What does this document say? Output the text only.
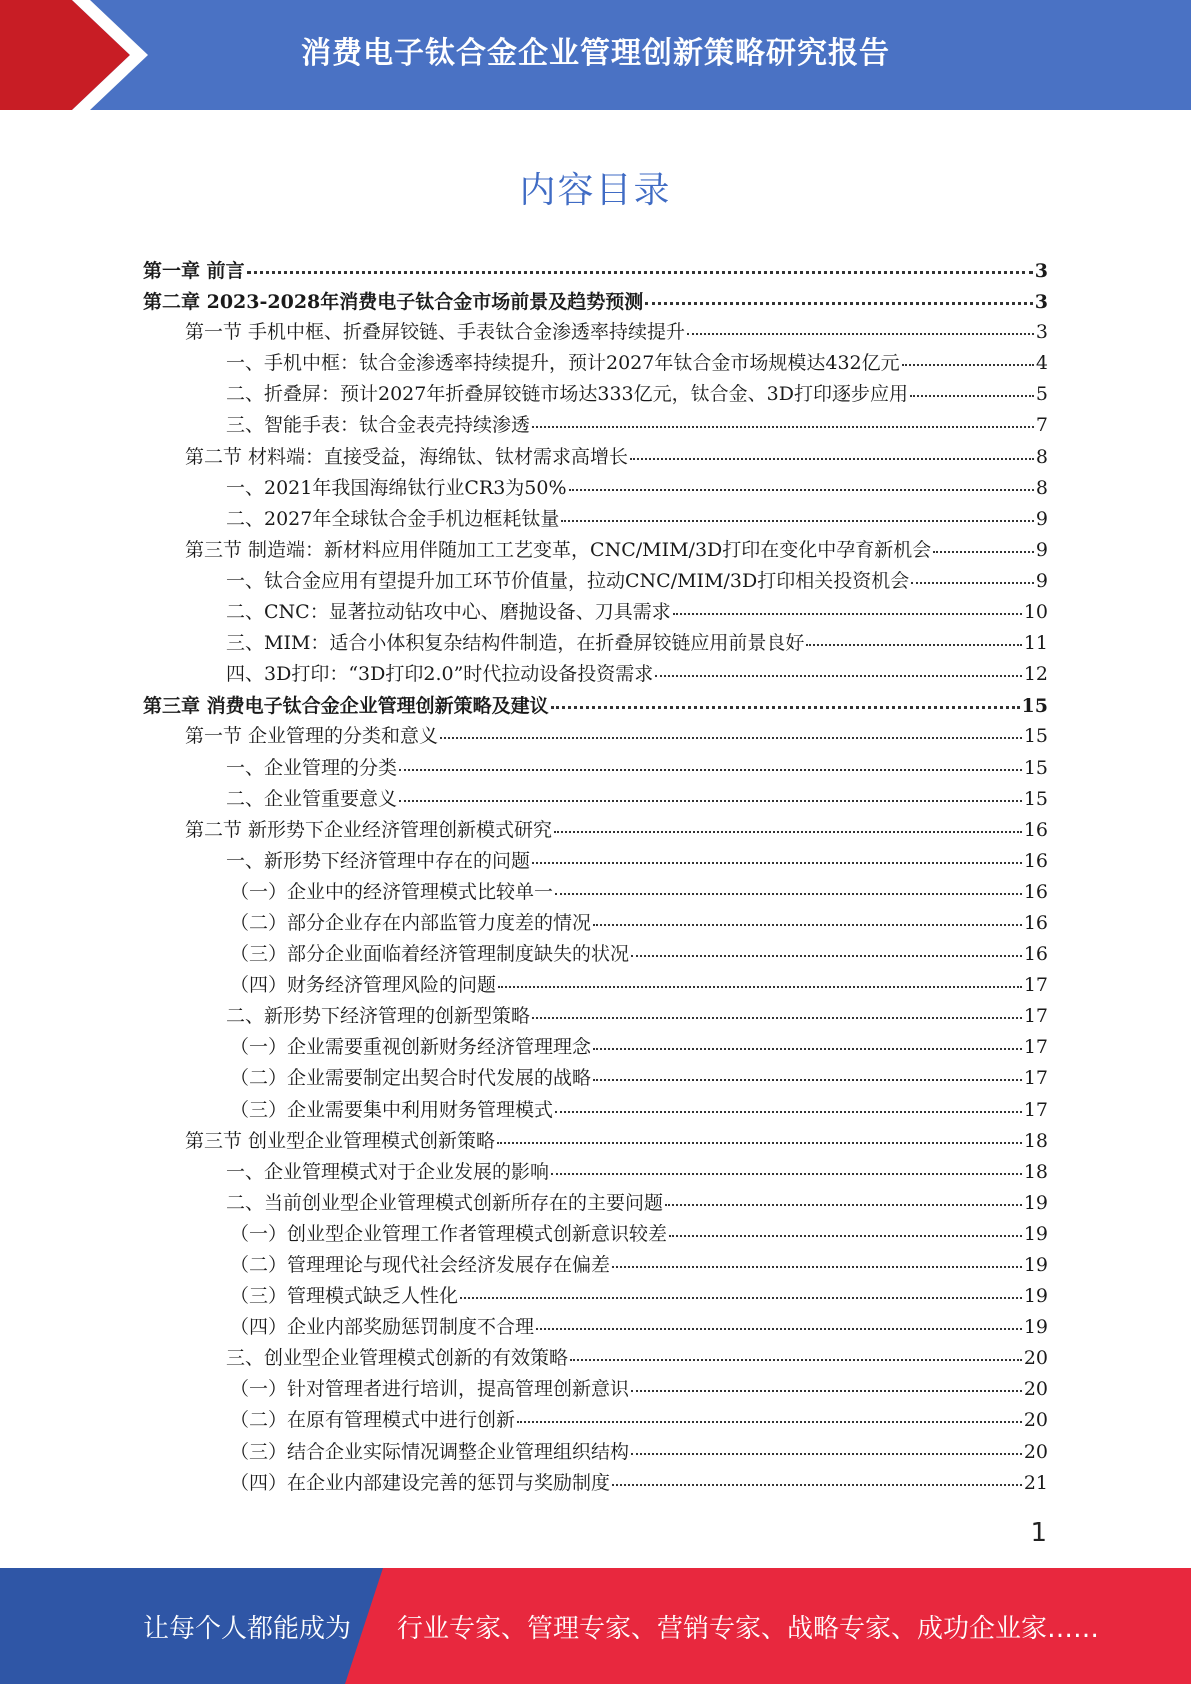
消费电子钛合金企业管理创新策略研究报告
内容目录
第一章 前言	3
第二章 2023-2028年消费电子钛合金市场前景及趋势预测	3
第一节 手机中框、折叠屏铰链、手表钛合金渗透率持续提升	3
一、手机中框：钛合金渗透率持续提升，预计2027年钛合金市场规模达432亿元	4
二、折叠屏：预计2027年折叠屏铰链市场达333亿元，钛合金、3D打印逐步应用	5
三、智能手表：钛合金表壳持续渗透	7
第二节 材料端：直接受益，海绵钛、钛材需求高增长	8
一、2021年我国海绵钛行业CR3为50%	8
二、2027年全球钛合金手机边框耗钛量	9
第三节 制造端：新材料应用伴随加工工艺变革，CNC/MIM/3D打印在变化中孕育新机会	9
一、钛合金应用有望提升加工环节价值量，拉动CNC/MIM/3D打印相关投资机会	9
二、CNC：显著拉动钻攻中心、磨抛设备、刀具需求	10
三、MIM：适合小体积复杂结构件制造，在折叠屏铰链应用前景良好	11
四、3D打印：“3D打印2.0”时代拉动设备投资需求	12
第三章 消费电子钛合金企业管理创新策略及建议	15
第一节 企业管理的分类和意义	15
一、企业管理的分类	15
二、企业管重要意义	15
第二节 新形势下企业经济管理创新模式研究	16
一、新形势下经济管理中存在的问题	16
（一）企业中的经济管理模式比较单一	16
（二）部分企业存在内部监管力度差的情况	16
（三）部分企业面临着经济管理制度缺失的状况	16
（四）财务经济管理风险的问题	17
二、新形势下经济管理的创新型策略	17
（一）企业需要重视创新财务经济管理理念	17
（二）企业需要制定出契合时代发展的战略	17
（三）企业需要集中利用财务管理模式	17
第三节 创业型企业管理模式创新策略	18
一、企业管理模式对于企业发展的影响	18
二、当前创业型企业管理模式创新所存在的主要问题	19
（一）创业型企业管理工作者管理模式创新意识较差	19
（二）管理理论与现代社会经济发展存在偏差	19
（三）管理模式缺乏人性化	19
（四）企业内部奖励惩罚制度不合理	19
三、创业型企业管理模式创新的有效策略	20
（一）针对管理者进行培训，提高管理创新意识	20
（二）在原有管理模式中进行创新	20
（三）结合企业实际情况调整企业管理组织结构	20
（四）在企业内部建设完善的惩罚与奖励制度	21
1
让每个人都能成为 行业专家、管理专家、营销专家、战略专家、成功企业家……
